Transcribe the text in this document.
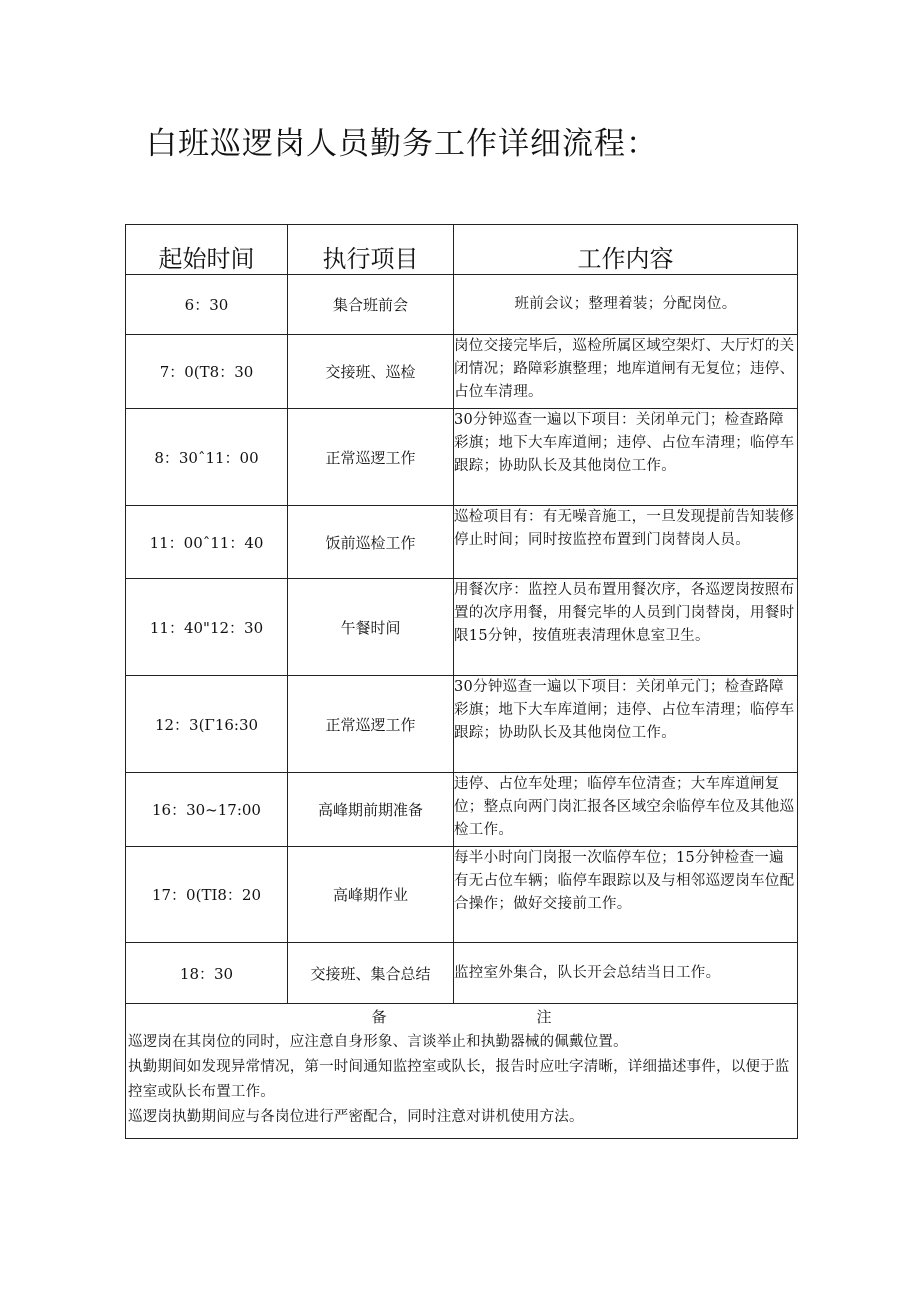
白班巡逻岗人员勤务工作详细流程：
起始时间	执行项目	工作内容
6：30	集合班前会	班前会议；整理着装；分配岗位。
7：0(T8：30	交接班、巡检	岗位交接完毕后，巡检所属区域空架灯、大厅灯的关闭情况；路障彩旗整理；地库道闸有无复位；违停、占位车清理。
8：30ˆ11：00	正常巡逻工作	30分钟巡查一遍以下项目：关闭单元门；检查路障彩旗；地下大车库道闸；违停、占位车清理；临停车跟踪；协助队长及其他岗位工作。
11：00ˆ11：40	饭前巡检工作	巡检项目有：有无噪音施工，一旦发现提前告知装修停止时间；同时按监控布置到门岗替岗人员。
11：40"12：30	午餐时间	用餐次序：监控人员布置用餐次序，各巡逻岗按照布置的次序用餐，用餐完毕的人员到门岗替岗，用餐时限15分钟，按值班表清理休息室卫生。
12：3(Γ16:30	正常巡逻工作	30分钟巡查一遍以下项目：关闭单元门；检查路障彩旗；地下大车库道闸；违停、占位车清理；临停车跟踪；协助队长及其他岗位工作。
16：30~17:00	高峰期前期准备	违停、占位车处理；临停车位清查；大车库道闸复位；整点向两门岗汇报各区域空余临停车位及其他巡检工作。
17：0(TI8：20	高峰期作业	每半小时向门岗报一次临停车位；15分钟检查一遍有无占位车辆；临停车跟踪以及与相邻巡逻岗车位配合操作；做好交接前工作。
18：30	交接班、集合总结	监控室外集合，队长开会总结当日工作。

备 注
巡逻岗在其岗位的同时，应注意自身形象、言谈举止和执勤器械的佩戴位置。
执勤期间如发现异常情况，第一时间通知监控室或队长，报告时应吐字清晰，详细描述事件，以便于监控室或队长布置工作。
巡逻岗执勤期间应与各岗位进行严密配合，同时注意对讲机使用方法。		
